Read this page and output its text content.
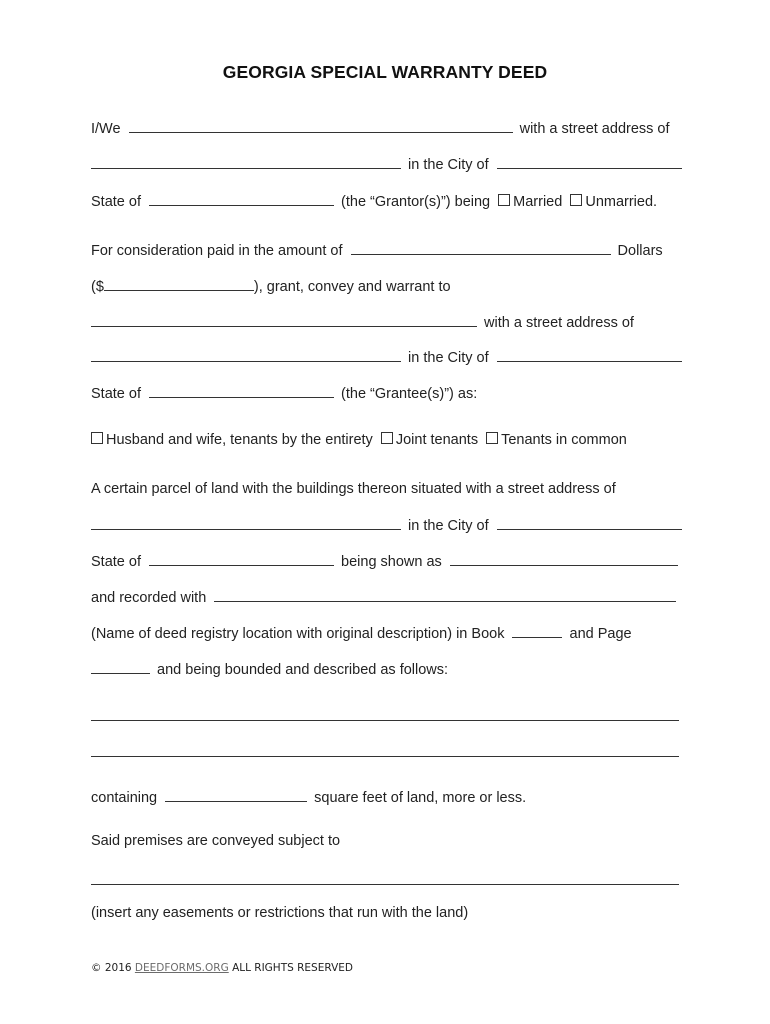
GEORGIA SPECIAL WARRANTY DEED
I/We	with a street address of
in the City of
State of	(the “Grantor(s)”) being Married Unmarried.
For consideration paid in the amount of	Dollars
($	), grant, convey and warrant to
with a street address of
in the City of
State of	(the “Grantee(s)”) as:
Husband and wife, tenants by the entirety Joint tenants Tenants in common
A certain parcel of land with the buildings thereon situated with a street address of
in the City of
State of	being shown as
and recorded with
(Name of deed registry location with original description) in Book	and Page
and being bounded and described as follows:
containing	square feet of land, more or less.
Said premises are conveyed subject to
(insert any easements or restrictions that run with the land)
© 2016 DEEDFORMS.ORG ALL RIGHTS RESERVED
